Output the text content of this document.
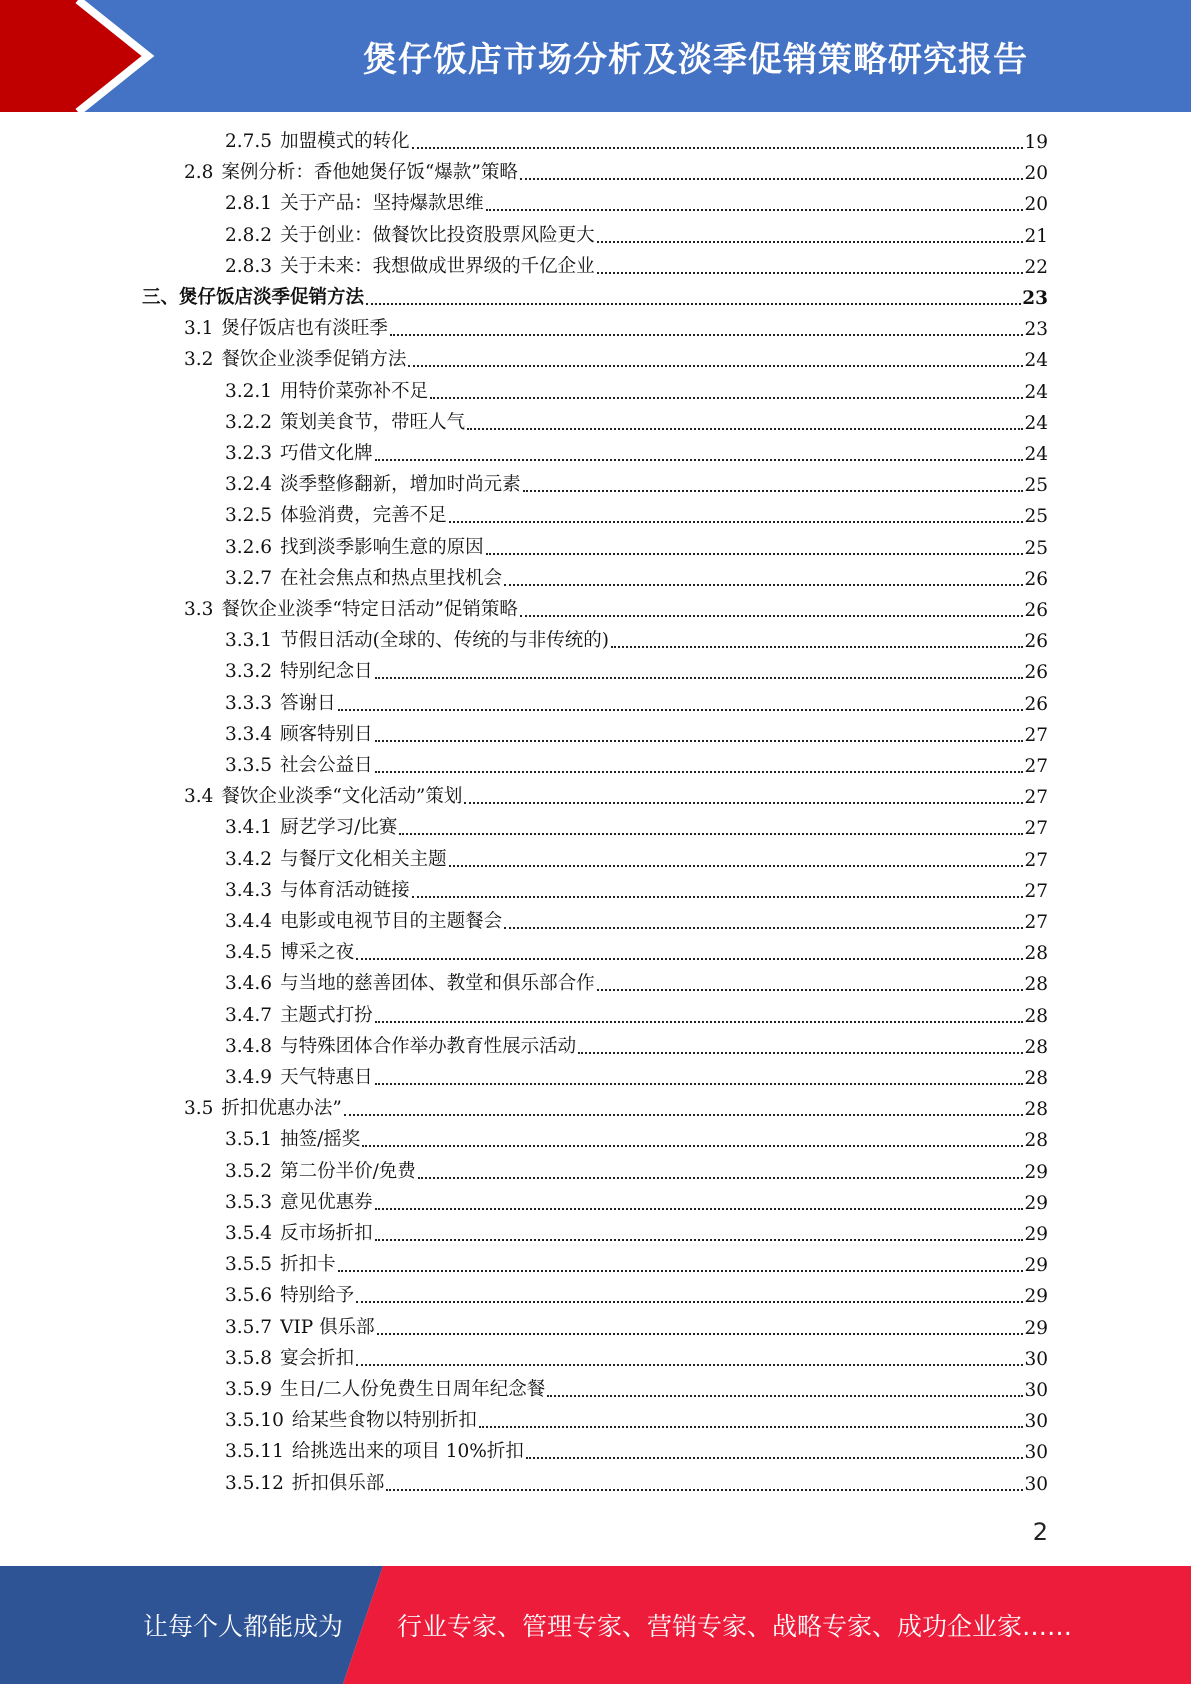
煲仔饭店市场分析及淡季促销策略研究报告
2.7.5 加盟模式的转化	19
2.8 案例分析：香他她煲仔饭“爆款”策略	20
2.8.1 关于产品：坚持爆款思维	20
2.8.2 关于创业：做餐饮比投资股票风险更大	21
2.8.3 关于未来：我想做成世界级的千亿企业	22
三、煲仔饭店淡季促销方法	23
3.1 煲仔饭店也有淡旺季	23
3.2 餐饮企业淡季促销方法	24
3.2.1 用特价菜弥补不足	24
3.2.2 策划美食节，带旺人气	24
3.2.3 巧借文化牌	24
3.2.4 淡季整修翻新，增加时尚元素	25
3.2.5 体验消费，完善不足	25
3.2.6 找到淡季影响生意的原因	25
3.2.7 在社会焦点和热点里找机会	26
3.3 餐饮企业淡季“特定日活动”促销策略	26
3.3.1 节假日活动(全球的、传统的与非传统的)	26
3.3.2 特别纪念日	26
3.3.3 答谢日	26
3.3.4 顾客特别日	27
3.3.5 社会公益日	27
3.4 餐饮企业淡季“文化活动”策划	27
3.4.1 厨艺学习/比赛	27
3.4.2 与餐厅文化相关主题	27
3.4.3 与体育活动链接	27
3.4.4 电影或电视节目的主题餐会	27
3.4.5 博采之夜	28
3.4.6 与当地的慈善团体、教堂和俱乐部合作	28
3.4.7 主题式打扮	28
3.4.8 与特殊团体合作举办教育性展示活动	28
3.4.9 天气特惠日	28
3.5 折扣优惠办法”	28
3.5.1 抽签/摇奖	28
3.5.2 第二份半价/免费	29
3.5.3 意见优惠券	29
3.5.4 反市场折扣	29
3.5.5 折扣卡	29
3.5.6 特别给予	29
3.5.7 VIP 俱乐部	29
3.5.8 宴会折扣	30
3.5.9 生日/二人份免费生日周年纪念餐	30
3.5.10 给某些食物以特别折扣	30
3.5.11 给挑选出来的项目 10%折扣	30
3.5.12 折扣俱乐部	30
2
让每个人都能成为 行业专家、管理专家、营销专家、战略专家、成功企业家……
